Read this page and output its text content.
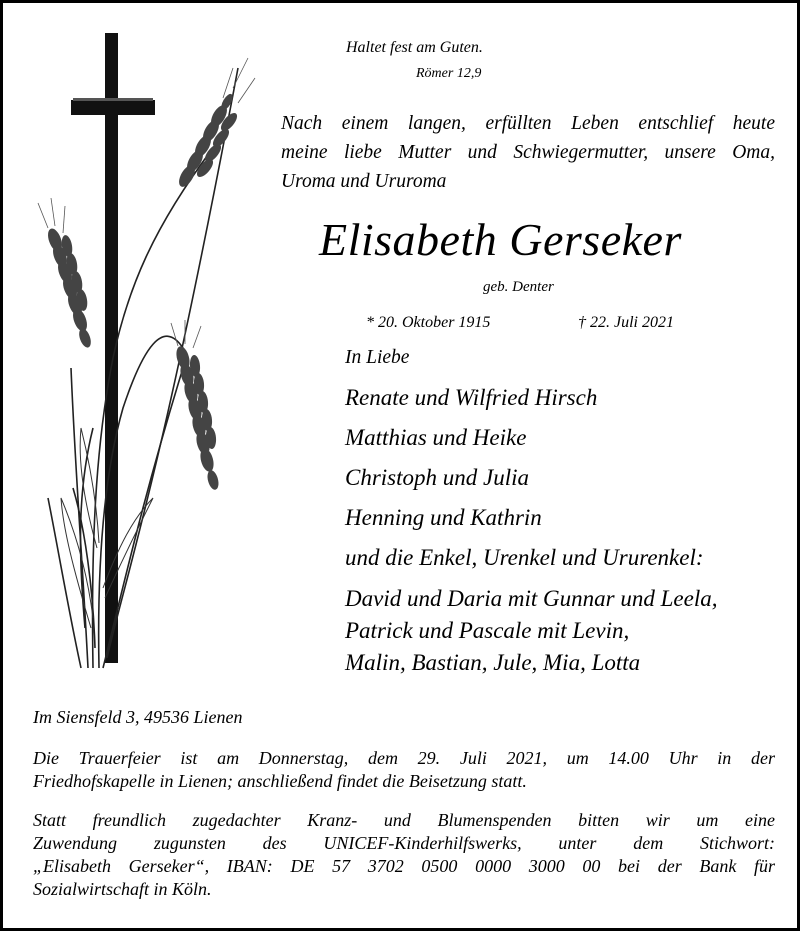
Haltet fest am Guten.
Römer 12,9
Nach einem langen, erfüllten Leben entschlief heute
meine liebe Mutter und Schwiegermutter, unsere Oma,
Uroma und Ururoma
Elisabeth Gerseker
geb. Denter
* 20. Oktober 1915	† 22. Juli 2021
In Liebe
Renate und Wilfried Hirsch
Matthias und Heike
Christoph und Julia
Henning und Kathrin
und die Enkel, Urenkel und Ururenkel:
David und Daria mit Gunnar und Leela,
Patrick und Pascale mit Levin,
Malin, Bastian, Jule, Mia, Lotta
Im Siensfeld 3, 49536 Lienen
Die Trauerfeier ist am Donnerstag, dem 29. Juli 2021, um 14.00 Uhr in der
Friedhofskapelle in Lienen; anschließend findet die Beisetzung statt.
Statt freundlich zugedachter Kranz- und Blumenspenden bitten wir um eine
Zuwendung zugunsten des UNICEF-Kinderhilfswerks, unter dem Stichwort:
„Elisabeth Gerseker“, IBAN: DE 57 3702 0500 0000 3000 00 bei der Bank für
Sozialwirtschaft in Köln.
